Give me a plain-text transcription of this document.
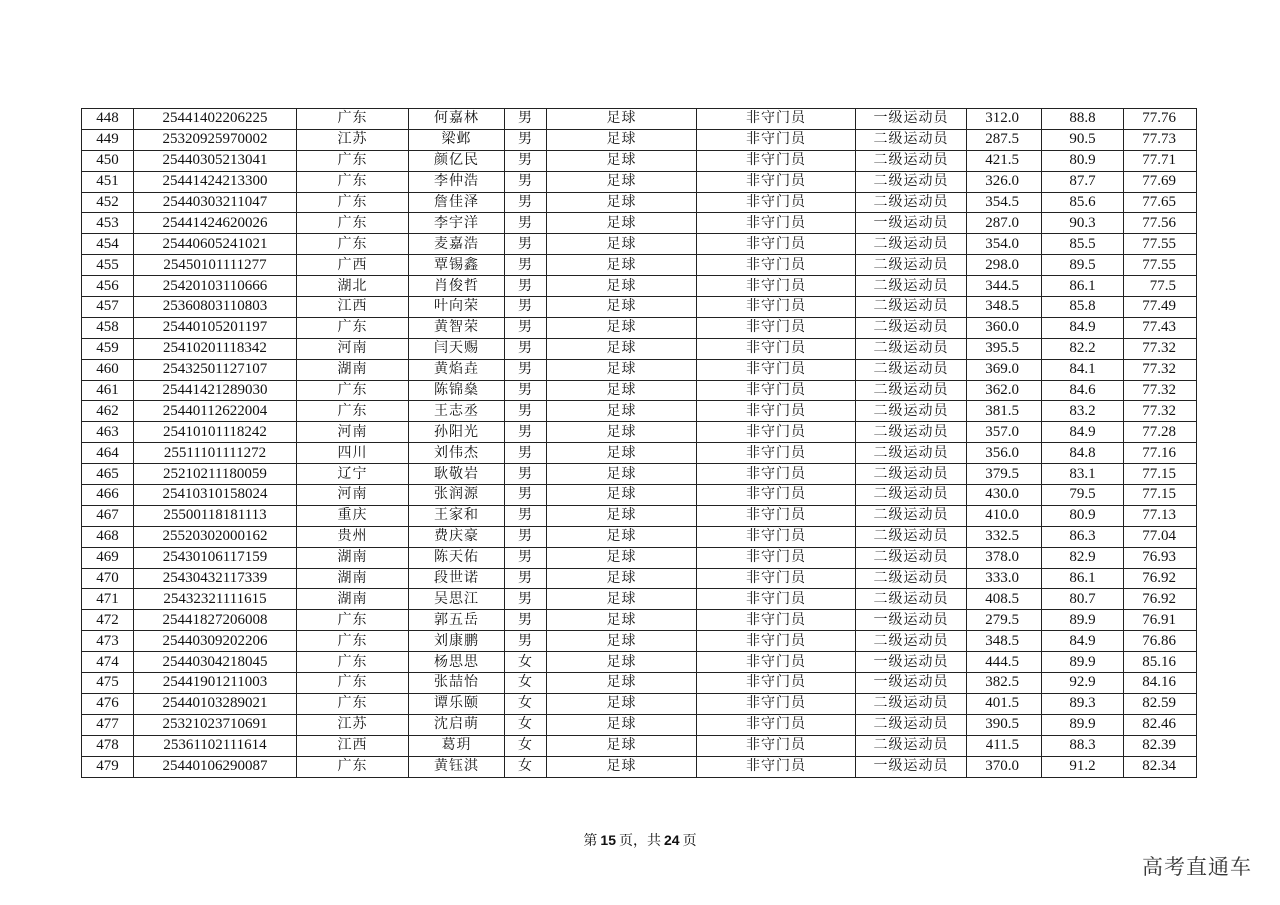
448	25441402206225	广东	何嘉林	男	足球	非守门员	一级运动员	312.0	88.8	77.76
449	25320925970002	江苏	梁邺	男	足球	非守门员	二级运动员	287.5	90.5	77.73
450	25440305213041	广东	颜亿民	男	足球	非守门员	二级运动员	421.5	80.9	77.71
451	25441424213300	广东	李仲浩	男	足球	非守门员	二级运动员	326.0	87.7	77.69
452	25440303211047	广东	詹佳泽	男	足球	非守门员	二级运动员	354.5	85.6	77.65
453	25441424620026	广东	李宇洋	男	足球	非守门员	一级运动员	287.0	90.3	77.56
454	25440605241021	广东	麦嘉浩	男	足球	非守门员	二级运动员	354.0	85.5	77.55
455	25450101111277	广西	覃锡鑫	男	足球	非守门员	二级运动员	298.0	89.5	77.55
456	25420103110666	湖北	肖俊哲	男	足球	非守门员	二级运动员	344.5	86.1	77.5
457	25360803110803	江西	叶向荣	男	足球	非守门员	二级运动员	348.5	85.8	77.49
458	25440105201197	广东	黄智荣	男	足球	非守门员	二级运动员	360.0	84.9	77.43
459	25410201118342	河南	闫天赐	男	足球	非守门员	二级运动员	395.5	82.2	77.32
460	25432501127107	湖南	黄焰垚	男	足球	非守门员	二级运动员	369.0	84.1	77.32
461	25441421289030	广东	陈锦燊	男	足球	非守门员	二级运动员	362.0	84.6	77.32
462	25440112622004	广东	王志丞	男	足球	非守门员	二级运动员	381.5	83.2	77.32
463	25410101118242	河南	孙阳光	男	足球	非守门员	二级运动员	357.0	84.9	77.28
464	25511101111272	四川	刘伟杰	男	足球	非守门员	二级运动员	356.0	84.8	77.16
465	25210211180059	辽宁	耿敬岩	男	足球	非守门员	二级运动员	379.5	83.1	77.15
466	25410310158024	河南	张润源	男	足球	非守门员	二级运动员	430.0	79.5	77.15
467	25500118181113	重庆	王家和	男	足球	非守门员	二级运动员	410.0	80.9	77.13
468	25520302000162	贵州	费庆豪	男	足球	非守门员	二级运动员	332.5	86.3	77.04
469	25430106117159	湖南	陈天佑	男	足球	非守门员	二级运动员	378.0	82.9	76.93
470	25430432117339	湖南	段世诺	男	足球	非守门员	二级运动员	333.0	86.1	76.92
471	25432321111615	湖南	吴思江	男	足球	非守门员	二级运动员	408.5	80.7	76.92
472	25441827206008	广东	郭五岳	男	足球	非守门员	一级运动员	279.5	89.9	76.91
473	25440309202206	广东	刘康鹏	男	足球	非守门员	二级运动员	348.5	84.9	76.86
474	25440304218045	广东	杨思思	女	足球	非守门员	一级运动员	444.5	89.9	85.16
475	25441901211003	广东	张喆怡	女	足球	非守门员	一级运动员	382.5	92.9	84.16
476	25440103289021	广东	谭乐颐	女	足球	非守门员	二级运动员	401.5	89.3	82.59
477	25321023710691	江苏	沈启萌	女	足球	非守门员	二级运动员	390.5	89.9	82.46
478	25361102111614	江西	葛玥	女	足球	非守门员	二级运动员	411.5	88.3	82.39
479	25440106290087	广东	黄钰淇	女	足球	非守门员	一级运动员	370.0	91.2	82.34
第 15 页，共 24 页
高考直通车
